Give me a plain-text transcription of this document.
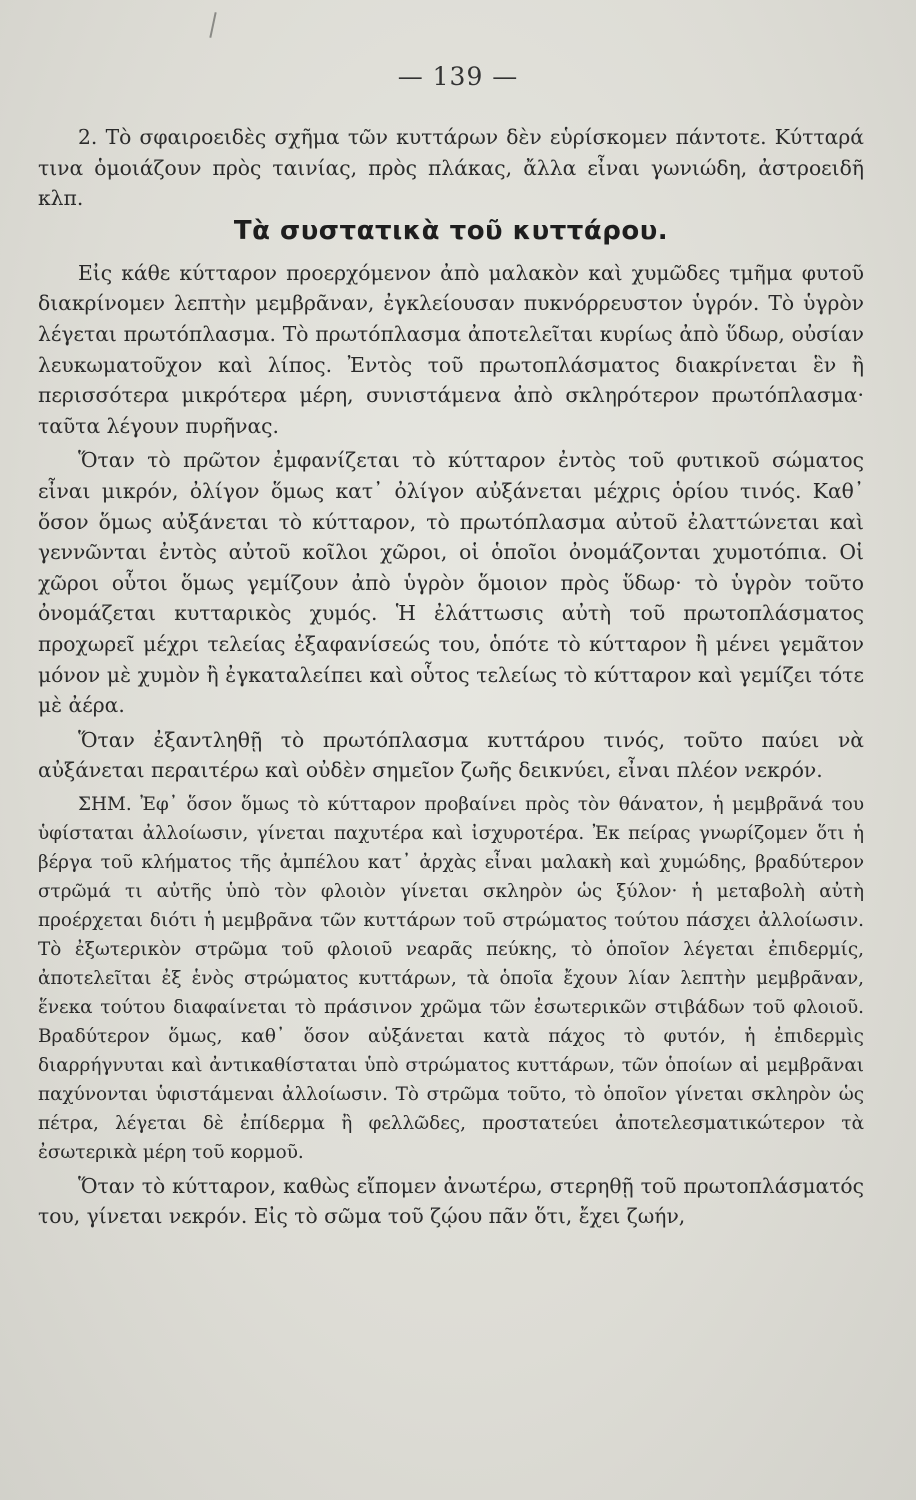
— 139 —

2. Τὸ σφαιροειδὲς σχῆμα τῶν κυττάρων δὲν εὑρίσκομεν πάντοτε. Κύτταρά τινα ὁμοιάζουν πρὸς ταινίας, πρὸς πλάκας, ἄλλα εἶναι γωνιώδη, ἀστροειδῆ κλπ.

Τὰ συστατικὰ τοῦ κυττάρου.

Εἰς κάθε κύτταρον προερχόμενον ἀπὸ μαλακὸν καὶ χυμῶδες τμῆμα φυτοῦ διακρίνομεν λεπτὴν μεμβρᾶναν, ἐγκλείουσαν πυκνόρρευστον ὑγρόν. Τὸ ὑγρὸν λέγεται πρωτόπλασμα. Τὸ πρωτόπλασμα ἀποτελεῖται κυρίως ἀπὸ ὕδωρ, οὐσίαν λευκωματοῦχον καὶ λίπος. Ἐντὸς τοῦ πρωτοπλάσματος διακρίνεται ἓν ἢ περισσότερα μικρότερα μέρη, συνιστάμενα ἀπὸ σκληρότερον πρωτόπλασμα· ταῦτα λέγουν πυρῆνας.

Ὅταν τὸ πρῶτον ἐμφανίζεται τὸ κύτταρον ἐντὸς τοῦ φυτικοῦ σώματος εἶναι μικρόν, ὀλίγον ὅμως κατ᾽ ὀλίγον αὐξάνεται μέχρις ὁρίου τινός. Καθ᾽ ὅσον ὅμως αὐξάνεται τὸ κύτταρον, τὸ πρωτόπλασμα αὐτοῦ ἐλαττώνεται καὶ γεννῶνται ἐντὸς αὐτοῦ κοῖλοι χῶροι, οἱ ὁποῖοι ὀνομάζονται χυμοτόπια. Οἱ χῶροι οὗτοι ὅμως γεμίζουν ἀπὸ ὑγρὸν ὅμοιον πρὸς ὕδωρ· τὸ ὑγρὸν τοῦτο ὀνομάζεται κυτταρικὸς χυμός. Ἡ ἐλάττωσις αὐτὴ τοῦ πρωτοπλάσματος προχωρεῖ μέχρι τελείας ἐξαφανίσεώς του, ὁπότε τὸ κύτταρον ἢ μένει γεμᾶτον μόνον μὲ χυμὸν ἢ ἐγκαταλείπει καὶ οὗτος τελείως τὸ κύτταρον καὶ γεμίζει τότε μὲ ἀέρα.

Ὅταν ἐξαντληθῇ τὸ πρωτόπλασμα κυττάρου τινός, τοῦτο παύει νὰ αὐξάνεται περαιτέρω καὶ οὐδὲν σημεῖον ζωῆς δεικνύει, εἶναι πλέον νεκρόν.

ΣΗΜ. Ἐφ᾽ ὅσον ὅμως τὸ κύτταρον προβαίνει πρὸς τὸν θάνατον, ἡ μεμβρᾶνά του ὑφίσταται ἀλλοίωσιν, γίνεται παχυτέρα καὶ ἰσχυροτέρα. Ἐκ πείρας γνωρίζομεν ὅτι ἡ βέργα τοῦ κλήματος τῆς ἀμπέλου κατ᾽ ἀρχὰς εἶναι μαλακὴ καὶ χυμώδης, βραδύτερον στρῶμά τι αὐτῆς ὑπὸ τὸν φλοιὸν γίνεται σκληρὸν ὡς ξύλον· ἡ μεταβολὴ αὐτὴ προέρχεται διότι ἡ μεμβρᾶνα τῶν κυττάρων τοῦ στρώματος τούτου πάσχει ἀλλοίωσιν. Τὸ ἐξωτερικὸν στρῶμα τοῦ φλοιοῦ νεαρᾶς πεύκης, τὸ ὁποῖον λέγεται ἐπιδερμίς, ἀποτελεῖται ἐξ ἑνὸς στρώματος κυττάρων, τὰ ὁποῖα ἔχουν λίαν λεπτὴν μεμβρᾶναν, ἕνεκα τούτου διαφαίνεται τὸ πράσινον χρῶμα τῶν ἐσωτερικῶν στιβάδων τοῦ φλοιοῦ. Βραδύτερον ὅμως, καθ᾽ ὅσον αὐξάνεται κατὰ πάχος τὸ φυτόν, ἡ ἐπιδερμὶς διαρρήγνυται καὶ ἀντικαθίσταται ὑπὸ στρώματος κυττάρων, τῶν ὁποίων αἱ μεμβρᾶναι παχύνονται ὑφιστάμεναι ἀλλοίωσιν. Τὸ στρῶμα τοῦτο, τὸ ὁποῖον γίνεται σκληρὸν ὡς πέτρα, λέγεται δὲ ἐπίδερμα ἢ φελλῶδες, προστατεύει ἀποτελεσματικώτερον τὰ ἐσωτερικὰ μέρη τοῦ κορμοῦ.

Ὅταν τὸ κύτταρον, καθὼς εἴπομεν ἀνωτέρω, στερηθῇ τοῦ πρωτοπλάσματός του, γίνεται νεκρόν. Εἰς τὸ σῶμα τοῦ ζῴου πᾶν ὅτι, ἔχει ζωήν,
